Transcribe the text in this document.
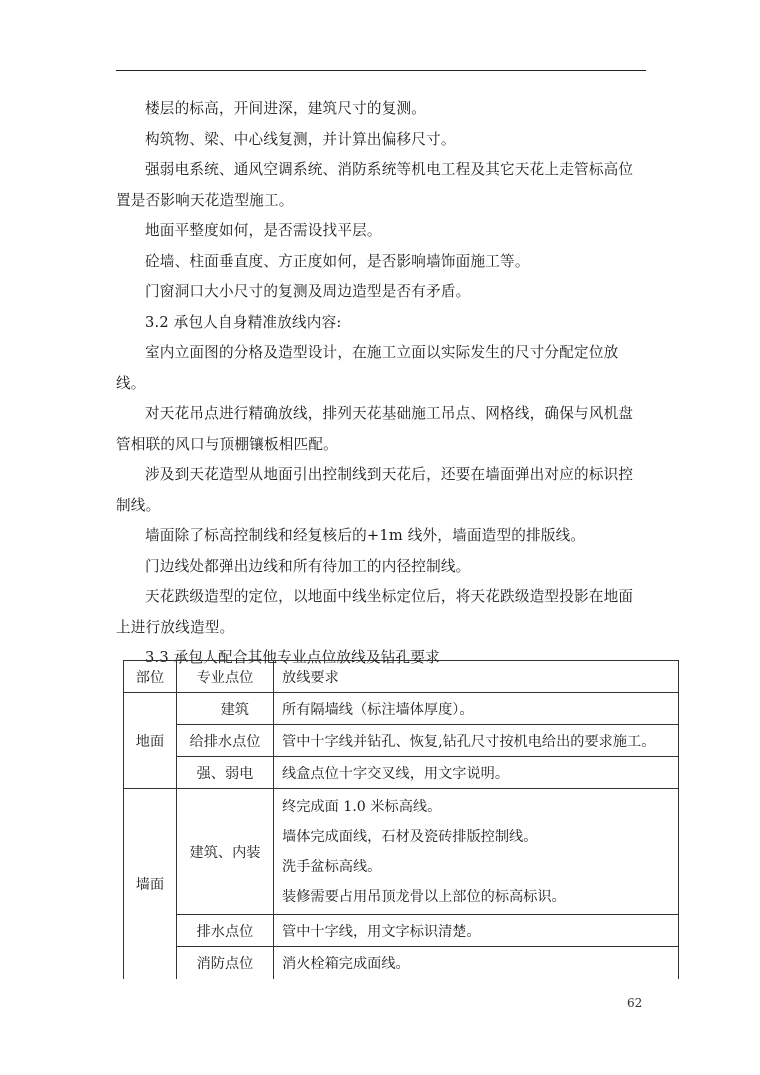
楼层的标高，开间进深，建筑尺寸的复测。

构筑物、梁、中心线复测，并计算出偏移尺寸。

强弱电系统、通风空调系统、消防系统等机电工程及其它天花上走管标高位置是否影响天花造型施工。

地面平整度如何，是否需设找平层。

砼墙、柱面垂直度、方正度如何，是否影响墙饰面施工等。

门窗洞口大小尺寸的复测及周边造型是否有矛盾。

3.2 承包人自身精准放线内容:

室内立面图的分格及造型设计，在施工立面以实际发生的尺寸分配定位放线。

对天花吊点进行精确放线，排列天花基础施工吊点、网格线，确保与风机盘管相联的风口与顶棚镶板相匹配。

涉及到天花造型从地面引出控制线到天花后，还要在墙面弹出对应的标识控制线。

墙面除了标高控制线和经复核后的+1m 线外，墙面造型的排版线。

门边线处都弹出边线和所有待加工的内径控制线。

天花跌级造型的定位，以地面中线坐标定位后，将天花跌级造型投影在地面上进行放线造型。

3.3 承包人配合其他专业点位放线及钻孔要求

部位	专业点位	放线要求
地面	建筑	所有隔墙线（标注墙体厚度）。
	给排水点位	管中十字线并钻孔、恢复,钻孔尺寸按机电给出的要求施工。
	强、弱电	线盒点位十字交叉线，用文字说明。
墙面	建筑、内装	终完成面 1.0 米标高线。
墙体完成面线，石材及瓷砖排版控制线。
洗手盆标高线。
装修需要占用吊顶龙骨以上部位的标高标识。

	排水点位	管中十字线，用文字标识清楚。
	消防点位	消火栓箱完成面线。
62
